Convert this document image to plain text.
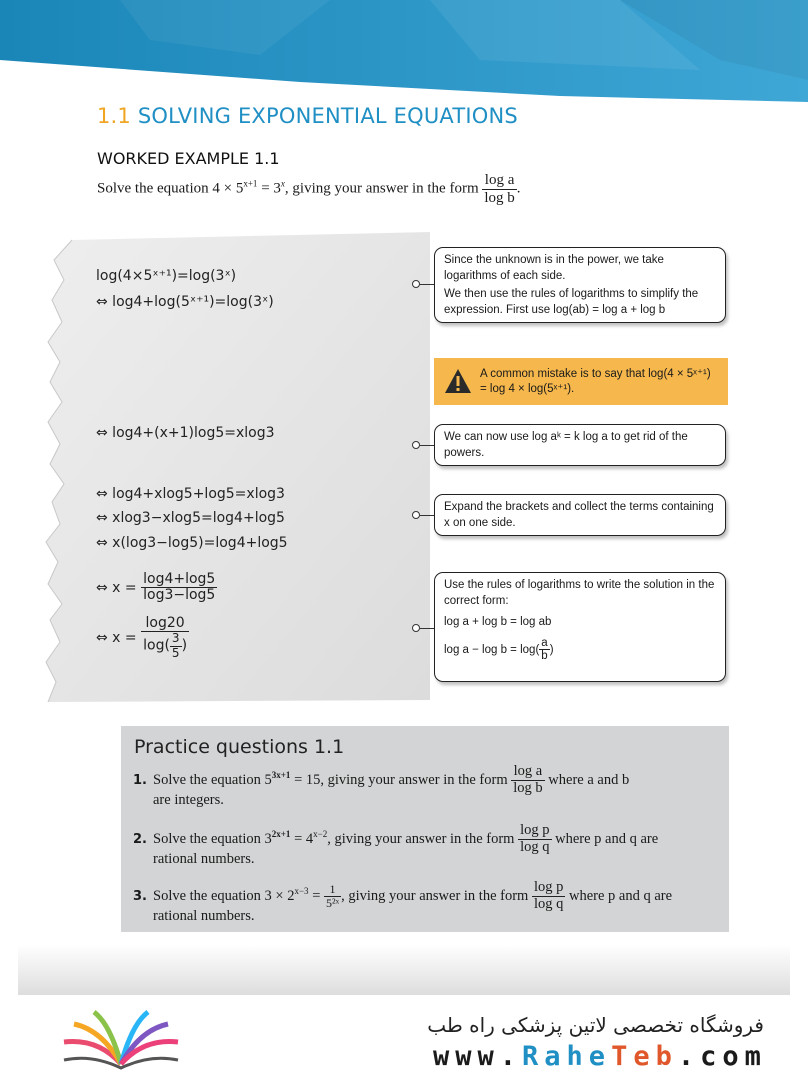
1.1 SOLVING EXPONENTIAL EQUATIONS
WORKED EXAMPLE 1.1
Solve the equation $4 \times 5^{x+1} = 3^x$, giving your answer in the form $\frac{\text{log a}}{\text{log b}}$ .
log(4×5ˣ⁺¹)=log(3ˣ)
⇔ log4+log(5ˣ⁺¹)=log(3ˣ)
⇔ log4+(x+1)log5=xlog3
⇔ log4+xlog5+log5=xlog3
⇔ xlog3−xlog5=log4+log5
⇔ x(log3−log5)=log4+log5
⇔ $x = \frac{\log 4+\log 5}{\log 3-\log 5}$
⇔ $x = \frac{\log 20}{\log( \frac{3}{5} )}$

Since the unknown is in the power, we take logarithms of each side.

We then use the rules of logarithms to simplify the expression. First use log(ab) = log a + log b

A common mistake is to say that log(4 × 5ˣ⁺¹) = log 4 × log(5ˣ⁺¹).

We can now use log aᵏ = k log a to get rid of the powers.

Expand the brackets and collect the terms containing x on one side.

Use the rules of logarithms to write the solution in the correct form:

log a + log b = log ab

$\log a - \log b = \log( \frac{a}{b}$ )

Practice questions 1.1
1. Solve the equation $5^{3x+1} = 15$, giving your answer in the form $\frac{\text{log a}}{\text{log b}}$ where a and b
are integers.
2. Solve the equation $3^{2x+1} = 4^{x-2}$, giving your answer in the form $\frac{\text{log p}}{\text{log q}}$ where p and q are
rational numbers.
3. Solve the equation $3 \times 2^{x-3} = \frac{1}{\text{5²ˣ}}$ , giving your answer in the form $\frac{\text{log p}}{\text{log q}}$ where p and q are
rational numbers.
فروشگاه تخصصی لاتین پزشکی راه طب
www.RaheTeb.com
